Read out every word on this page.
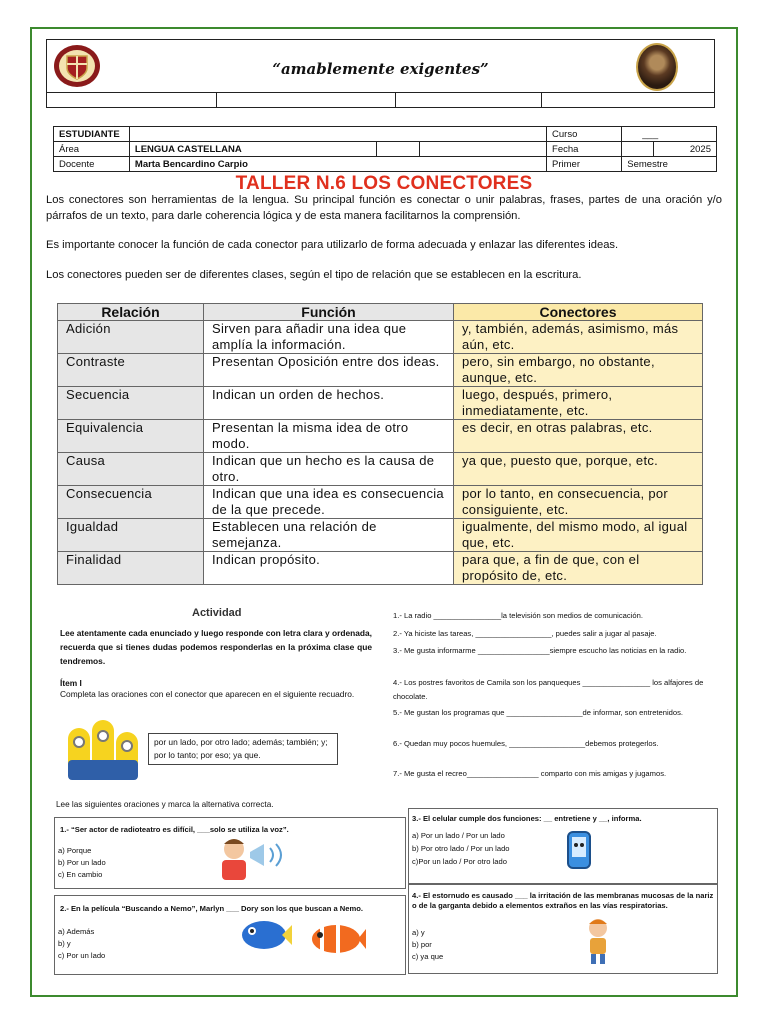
“amablemente exigentes”
ESTUDIANTE				Curso	___	
Área	LENGUA CASTELLANA			Fecha		2025
Docente	Marta Bencardino Carpio			Primer	Semestre	
TALLER N.6 LOS CONECTORES
Los conectores son herramientas de la lengua. Su principal función es conectar o unir palabras, frases, partes de una oración y/o párrafos de un texto, para darle coherencia lógica y de esta manera facilitarnos la comprensión.
Es importante conocer la función de cada conector para utilizarlo de forma adecuada y enlazar las diferentes ideas.
Los conectores pueden ser de diferentes clases, según el tipo de relación que se establecen en la escritura.
Relación	Función	Conectores
Adición	Sirven para añadir una idea que amplía la información.	y, también, además, asimismo, más aún, etc.
Contraste	Presentan Oposición entre dos ideas.	pero, sin embargo, no obstante, aunque, etc.
Secuencia	Indican un orden de hechos.	luego, después, primero, inmediatamente, etc.
Equivalencia	Presentan la misma idea de otro modo.	es decir, en otras palabras, etc.
Causa	Indican que un hecho es la causa de otro.	ya que, puesto que, porque, etc.
Consecuencia	Indican que una idea es consecuencia de la que precede.	por lo tanto, en consecuencia, por consiguiente, etc.
Igualdad	Establecen una relación de semejanza.	igualmente, del mismo modo, al igual que, etc.
Finalidad	Indican propósito.	para que, a fin de que, con el propósito de, etc.
Actividad
Lee atentamente cada enunciado y luego responde con letra clara y ordenada, recuerda que si tienes dudas podemos responderlas en la próxima clase que tendremos.
Ítem I
Completa las oraciones con el conector que aparecen en el siguiente recuadro.
por un lado, por otro lado; además; también; y; por lo tanto; por eso; ya que.
1.- La radio ________________la televisión son medios de comunicación.
2.- Ya hiciste las tareas, __________________, puedes salir a jugar al pasaje.
3.- Me gusta informarme _________________siempre escucho las noticias en la radio.
4.- Los postres favoritos de Camila son los panqueques ________________ los alfajores de chocolate.
5.- Me gustan los programas que __________________de informar, son entretenidos.
6.- Quedan muy pocos huemules, __________________debemos protegerlos.
7.- Me gusta el recreo_________________ comparto con mis amigas y jugamos.
Lee las siguientes oraciones y marca la alternativa correcta.
1.- “Ser actor de radioteatro es difícil, ___solo se utiliza la voz”.
a) Porque
b) Por un lado
c) En cambio
2.- En la película “Buscando a Nemo”, Marlyn ___ Dory son los que buscan a Nemo.
a) Además
b) y
c) Por un lado
3.- El celular cumple dos funciones: __ entretiene y __, informa.
a) Por un lado / Por un lado
b) Por otro lado / Por un lado
c)Por un lado / Por otro lado
4.- El estornudo es causado ___ la irritación de las membranas mucosas de la nariz o de la garganta debido a elementos extraños en las vías respiratorias.
a) y
b) por
c) ya que
